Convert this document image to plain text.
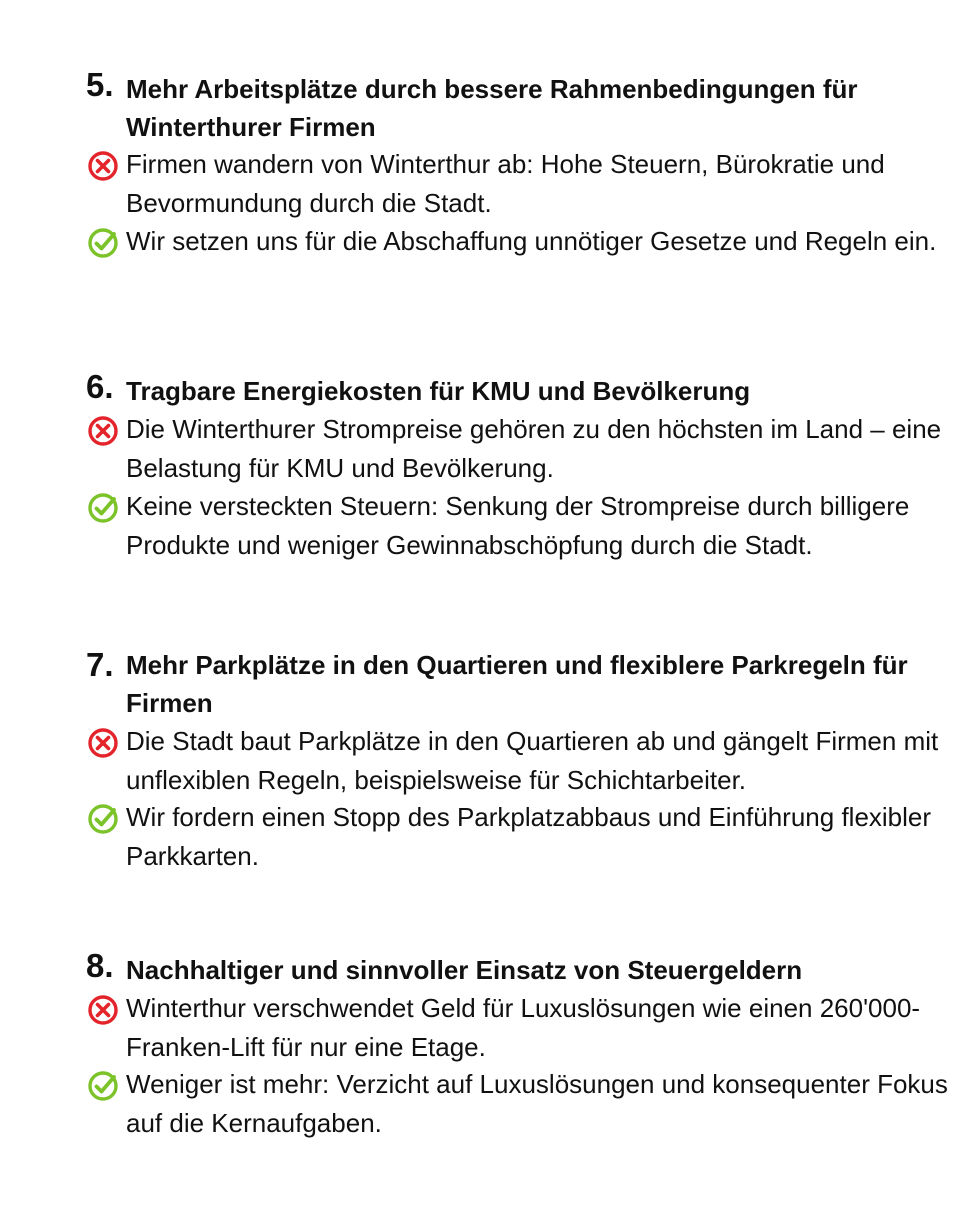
5. Mehr Arbeitsplätze durch bessere Rahmenbedingungen für Winterthurer Firmen
Firmen wandern von Winterthur ab: Hohe Steuern, Bürokratie und Bevormundung durch die Stadt.
Wir setzen uns für die Abschaffung unnötiger Gesetze und Regeln ein.
6. Tragbare Energiekosten für KMU und Bevölkerung
Die Winterthurer Strompreise gehören zu den höchsten im Land – eine Belastung für KMU und Bevölkerung.
Keine versteckten Steuern: Senkung der Strompreise durch billigere Produkte und weniger Gewinnabschöpfung durch die Stadt.
7. Mehr Parkplätze in den Quartieren und flexiblere Parkregeln für Firmen
Die Stadt baut Parkplätze in den Quartieren ab und gängelt Firmen mit unflexiblen Regeln, beispielsweise für Schichtarbeiter.
Wir fordern einen Stopp des Parkplatzabbaus und Einführung flexibler Parkkarten.
8. Nachhaltiger und sinnvoller Einsatz von Steuergeldern
Winterthur verschwendet Geld für Luxuslösungen wie einen 260'000-Franken-Lift für nur eine Etage.
Weniger ist mehr: Verzicht auf Luxuslösungen und konsequenter Fokus auf die Kernaufgaben.
